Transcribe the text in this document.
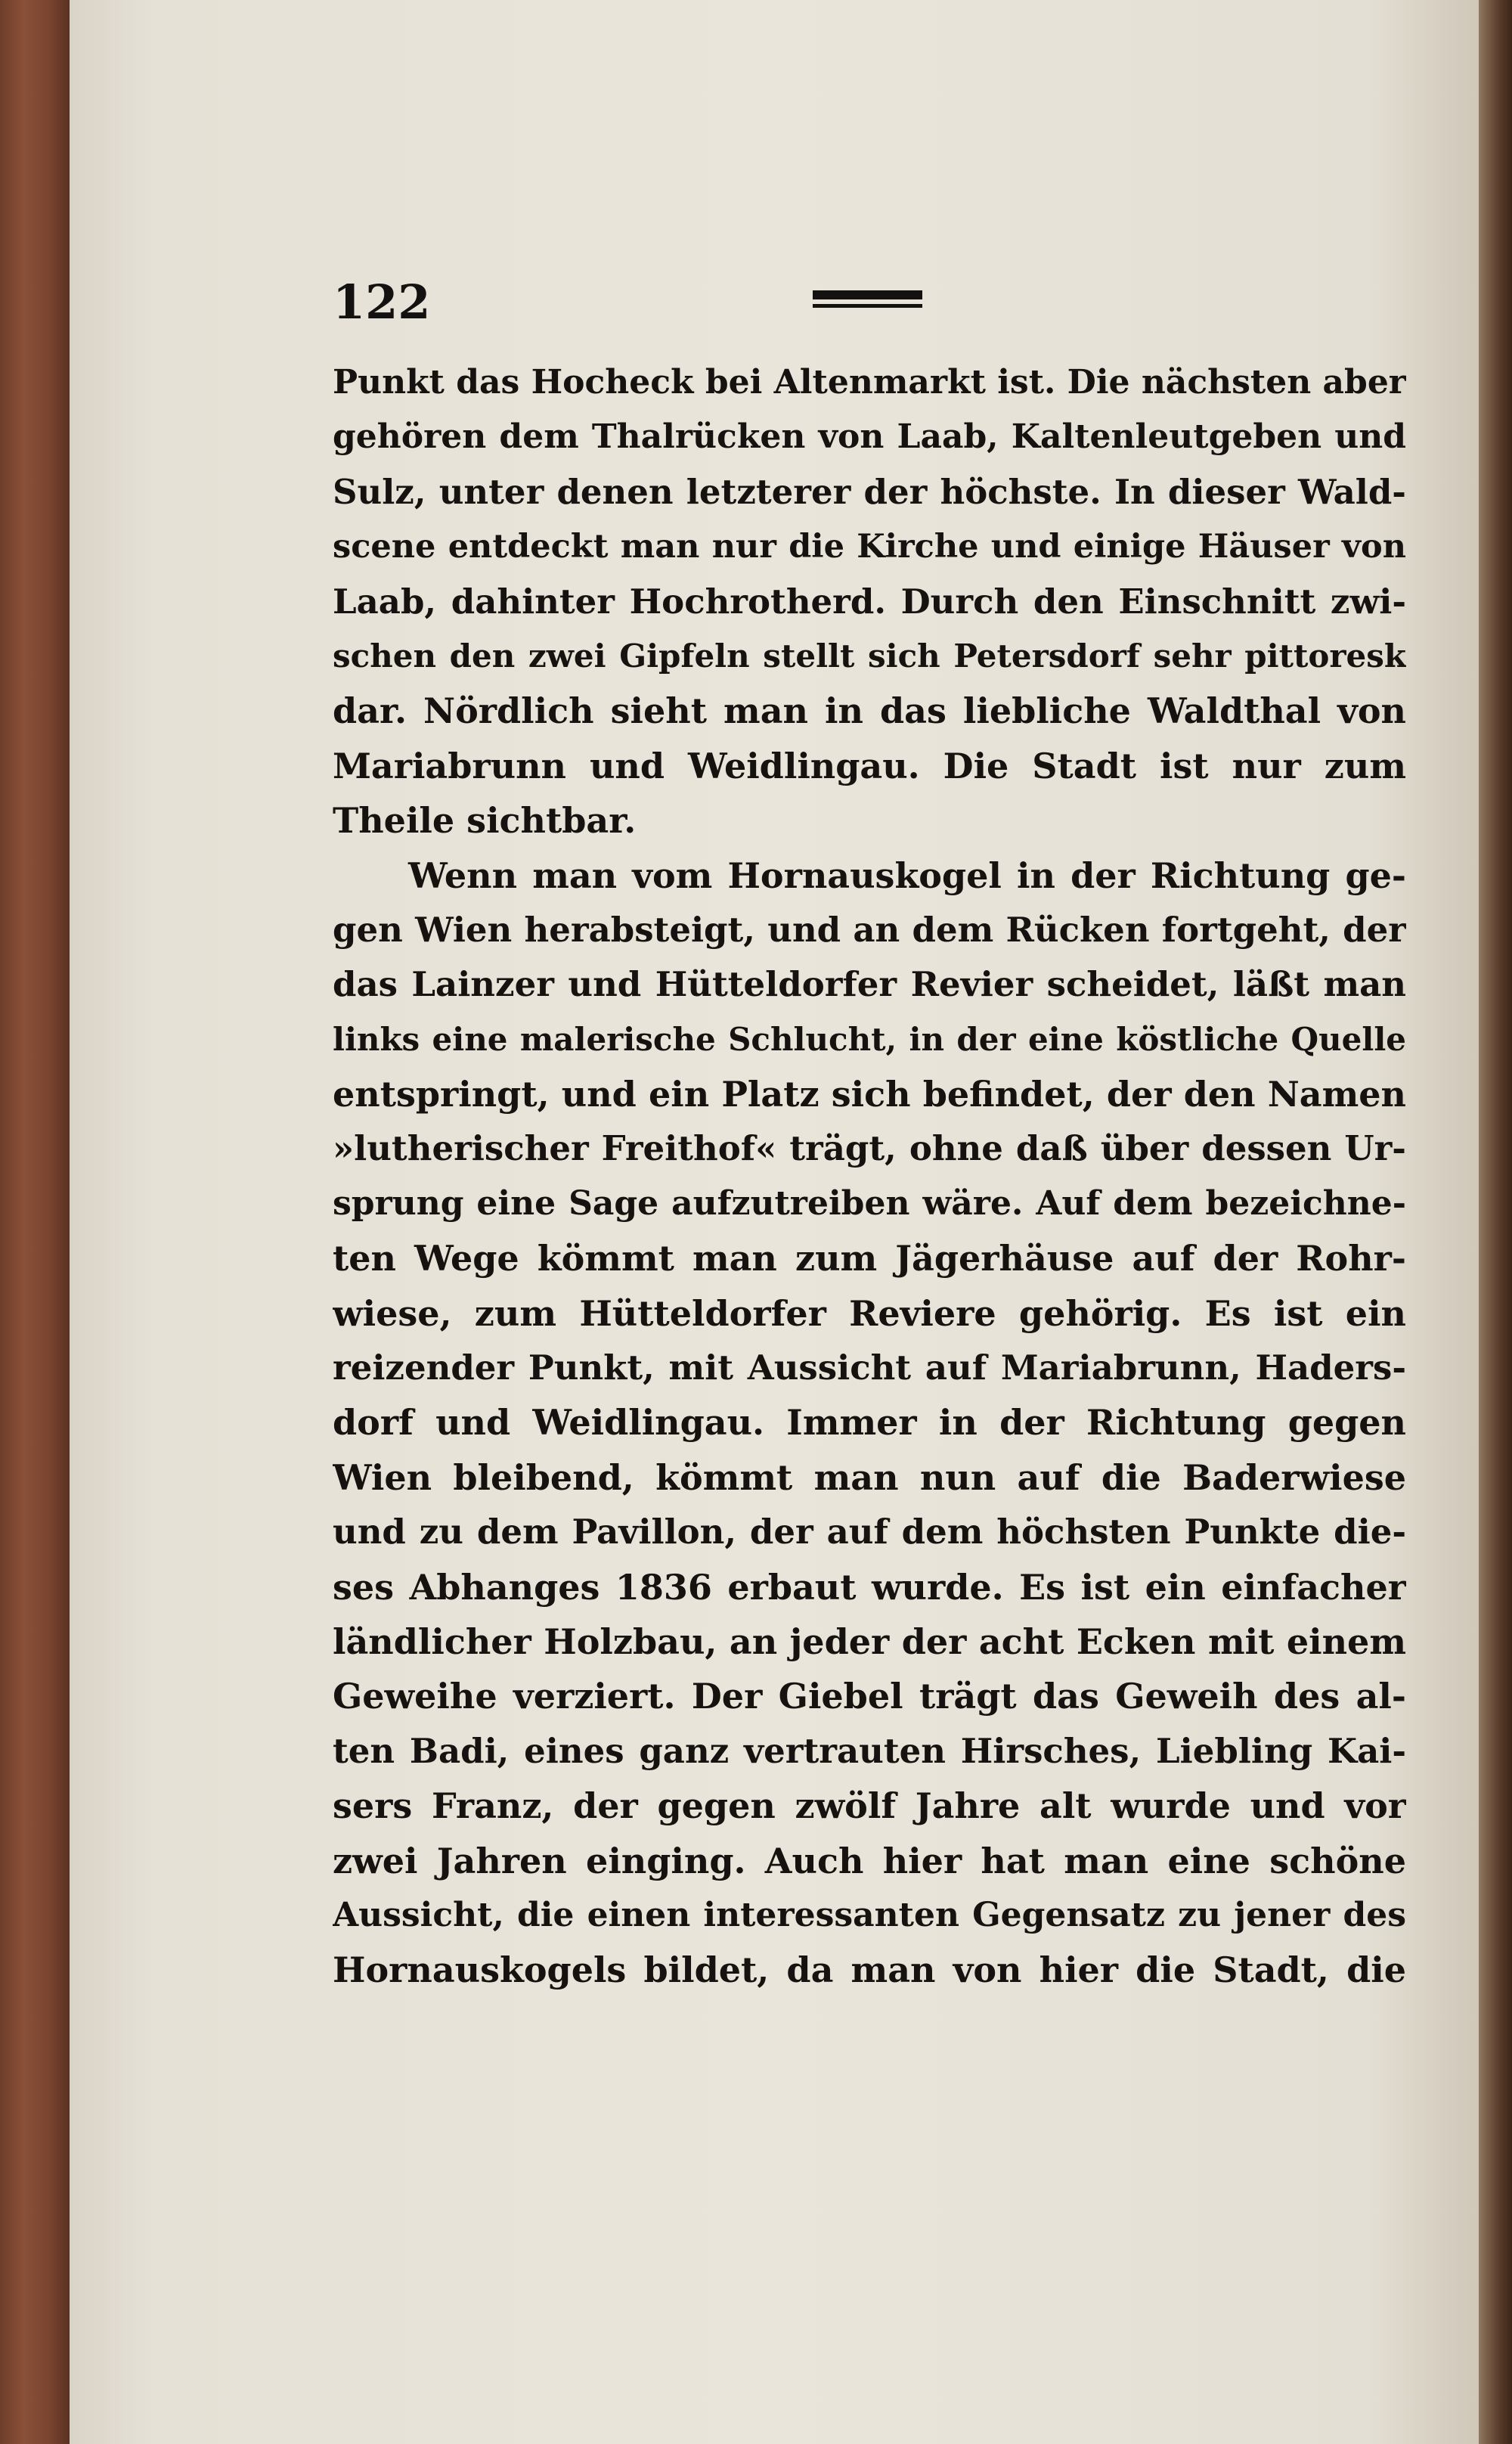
122
Punkt das Hocheck bei Altenmarkt ist. Die nächsten aber
gehören dem Thalrücken von Laab, Kaltenleutgeben und
Sulz, unter denen letzterer der höchste. In dieser Wald-
scene entdeckt man nur die Kirche und einige Häuser von
Laab, dahinter Hochrotherd. Durch den Einschnitt zwi-
schen den zwei Gipfeln stellt sich Petersdorf sehr pittoresk
dar. Nördlich sieht man in das liebliche Waldthal von
Mariabrunn und Weidlingau. Die Stadt ist nur zum
Theile sichtbar.
Wenn man vom Hornauskogel in der Richtung ge-
gen Wien herabsteigt, und an dem Rücken fortgeht, der
das Lainzer und Hütteldorfer Revier scheidet, läßt man
links eine malerische Schlucht, in der eine köstliche Quelle
entspringt, und ein Platz sich befindet, der den Namen
»lutherischer Freithof« trägt, ohne daß über dessen Ur-
sprung eine Sage aufzutreiben wäre. Auf dem bezeichne-
ten Wege kömmt man zum Jägerhäuse auf der Rohr-
wiese, zum Hütteldorfer Reviere gehörig. Es ist ein
reizender Punkt, mit Aussicht auf Mariabrunn, Haders-
dorf und Weidlingau. Immer in der Richtung gegen
Wien bleibend, kömmt man nun auf die Baderwiese
und zu dem Pavillon, der auf dem höchsten Punkte die-
ses Abhanges 1836 erbaut wurde. Es ist ein einfacher
ländlicher Holzbau, an jeder der acht Ecken mit einem
Geweihe verziert. Der Giebel trägt das Geweih des al-
ten Badi, eines ganz vertrauten Hirsches, Liebling Kai-
sers Franz, der gegen zwölf Jahre alt wurde und vor
zwei Jahren einging. Auch hier hat man eine schöne
Aussicht, die einen interessanten Gegensatz zu jener des
Hornauskogels bildet, da man von hier die Stadt, die
